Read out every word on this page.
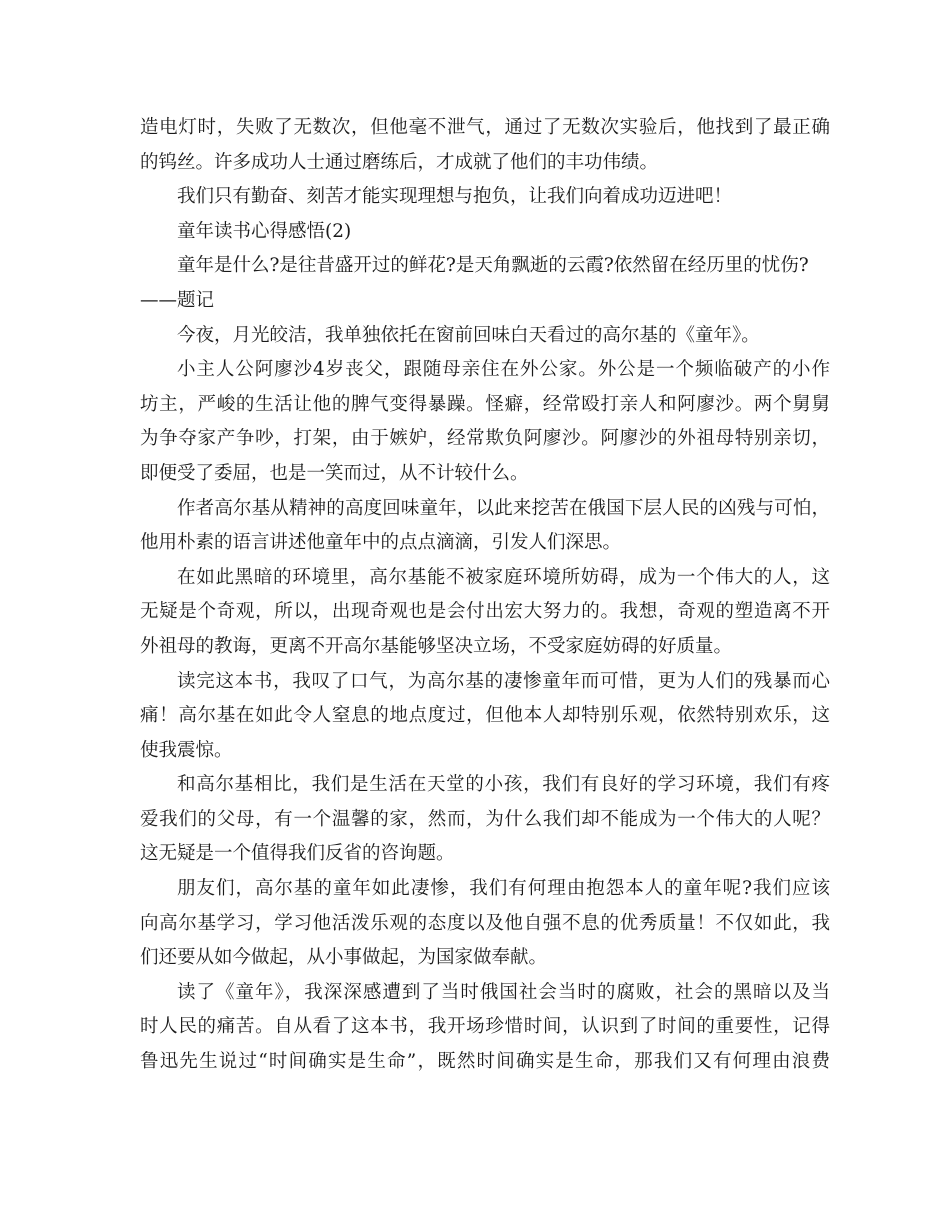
造电灯时，失败了无数次，但他毫不泄气，通过了无数次实验后，他找到了最正确
的钨丝。许多成功人士通过磨练后，才成就了他们的丰功伟绩。
我们只有勤奋、刻苦才能实现理想与抱负，让我们向着成功迈进吧！
童年读书心得感悟(2)
童年是什么?是往昔盛开过的鲜花?是天角飘逝的云霞?依然留在经历里的忧伤?
——题记
今夜，月光皎洁，我单独依托在窗前回味白天看过的高尔基的《童年》。
小主人公阿廖沙4岁丧父，跟随母亲住在外公家。外公是一个频临破产的小作
坊主，严峻的生活让他的脾气变得暴躁。怪癖，经常殴打亲人和阿廖沙。两个舅舅
为争夺家产争吵，打架，由于嫉妒，经常欺负阿廖沙。阿廖沙的外祖母特别亲切，
即便受了委屈，也是一笑而过，从不计较什么。
作者高尔基从精神的高度回味童年，以此来挖苦在俄国下层人民的凶残与可怕，
他用朴素的语言讲述他童年中的点点滴滴，引发人们深思。
在如此黑暗的环境里，高尔基能不被家庭环境所妨碍，成为一个伟大的人，这
无疑是个奇观，所以，出现奇观也是会付出宏大努力的。我想，奇观的塑造离不开
外祖母的教诲，更离不开高尔基能够坚决立场，不受家庭妨碍的好质量。
读完这本书，我叹了口气，为高尔基的凄惨童年而可惜，更为人们的残暴而心
痛！高尔基在如此令人窒息的地点度过，但他本人却特别乐观，依然特别欢乐，这
使我震惊。
和高尔基相比，我们是生活在天堂的小孩，我们有良好的学习环境，我们有疼
爱我们的父母，有一个温馨的家，然而，为什么我们却不能成为一个伟大的人呢？
这无疑是一个值得我们反省的咨询题。
朋友们，高尔基的童年如此凄惨，我们有何理由抱怨本人的童年呢?我们应该
向高尔基学习，学习他活泼乐观的态度以及他自强不息的优秀质量！不仅如此，我
们还要从如今做起，从小事做起，为国家做奉献。
读了《童年》，我深深感遭到了当时俄国社会当时的腐败，社会的黑暗以及当
时人民的痛苦。自从看了这本书，我开场珍惜时间，认识到了时间的重要性，记得
鲁迅先生说过“时间确实是生命”，既然时间确实是生命，那我们又有何理由浪费
